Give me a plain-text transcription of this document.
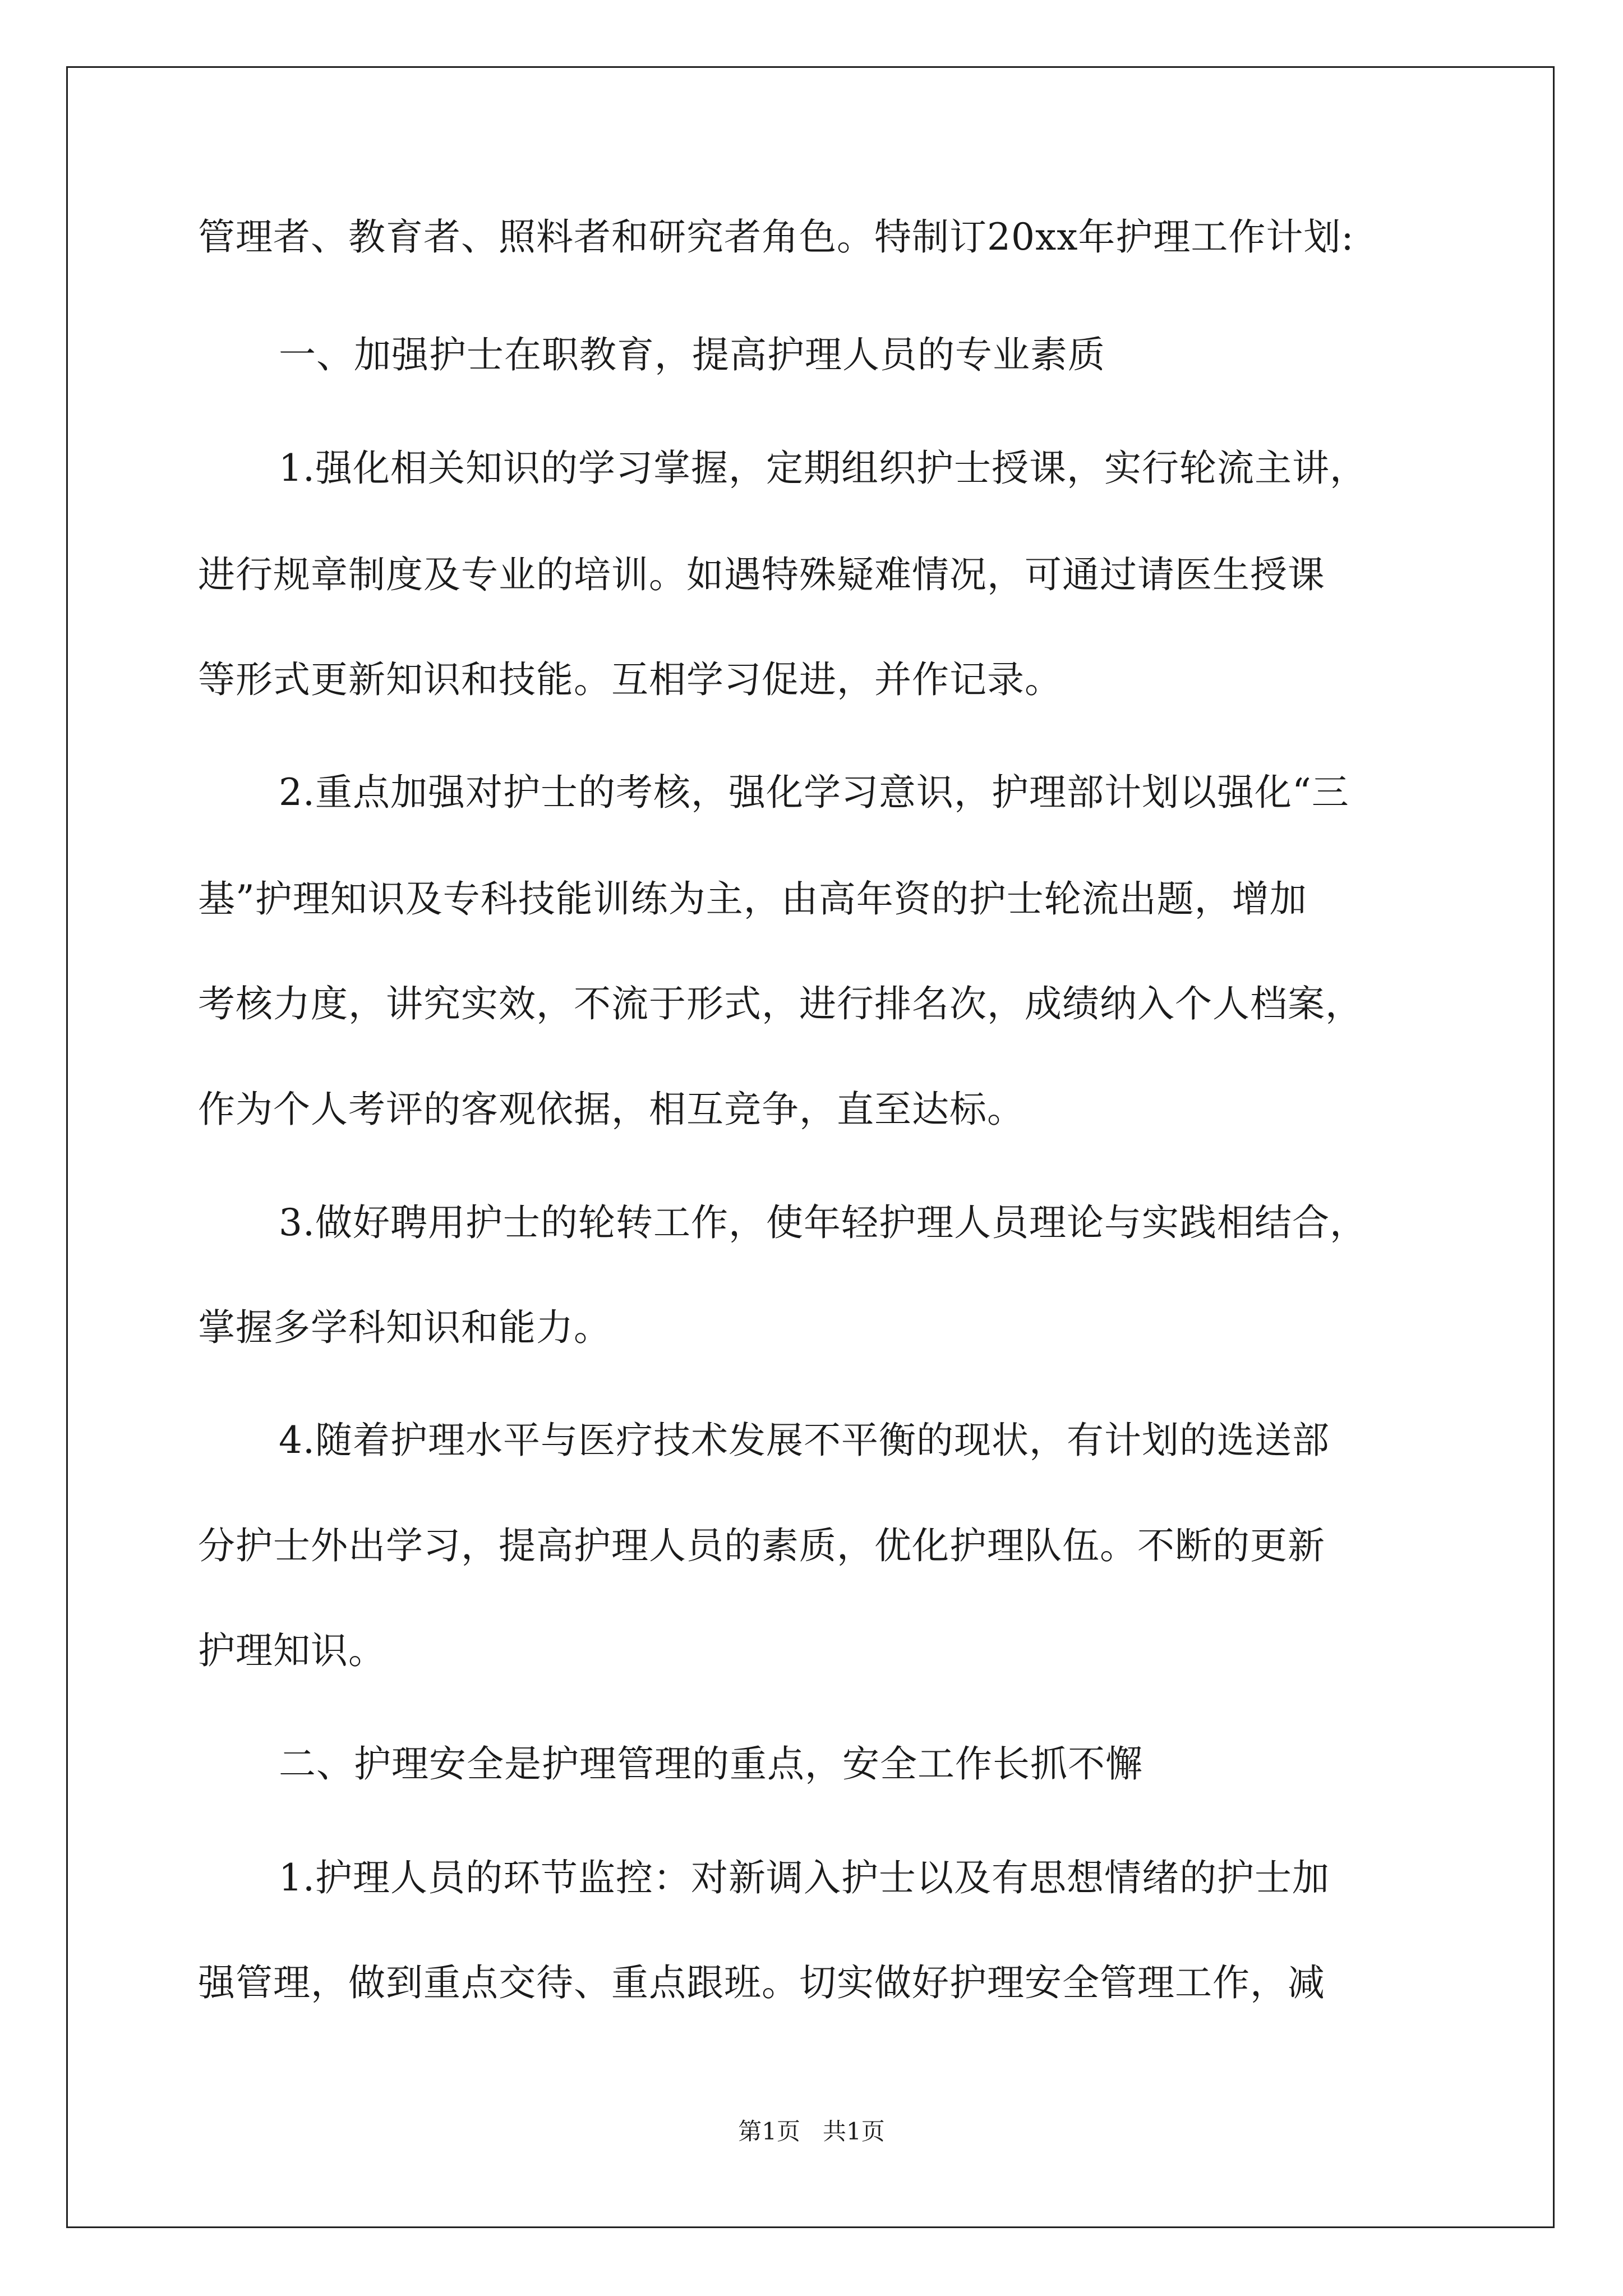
管理者、教育者、照料者和研究者角色。特制订20xx年护理工作计划:

一、加强护士在职教育，提高护理人员的专业素质

1.强化相关知识的学习掌握，定期组织护士授课，实行轮流主讲，

进行规章制度及专业的培训。如遇特殊疑难情况，可通过请医生授课

等形式更新知识和技能。互相学习促进，并作记录。

2.重点加强对护士的考核，强化学习意识，护理部计划以强化“三

基”护理知识及专科技能训练为主，由高年资的护士轮流出题，增加

考核力度，讲究实效，不流于形式，进行排名次，成绩纳入个人档案，

作为个人考评的客观依据，相互竞争，直至达标。

3.做好聘用护士的轮转工作，使年轻护理人员理论与实践相结合，

掌握多学科知识和能力。

4.随着护理水平与医疗技术发展不平衡的现状，有计划的选送部

分护士外出学习，提高护理人员的素质，优化护理队伍。不断的更新

护理知识。

二、护理安全是护理管理的重点，安全工作长抓不懈

1.护理人员的环节监控：对新调入护士以及有思想情绪的护士加

强管理，做到重点交待、重点跟班。切实做好护理安全管理工作，减

第1页   共1页
